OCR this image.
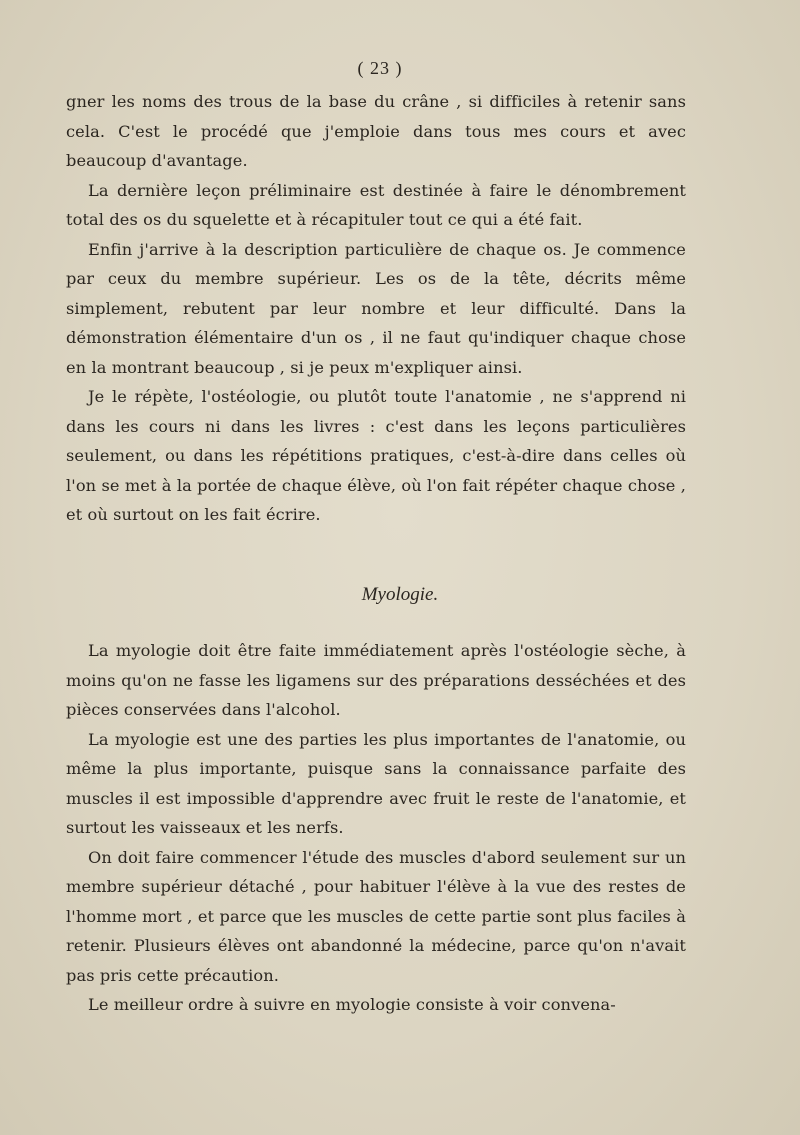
( 23 )

gner les noms des trous de la base du crâne , si difficiles à retenir sans cela. C'est le procédé que j'emploie dans tous mes cours et avec beaucoup d'avantage.

La dernière leçon préliminaire est destinée à faire le dénombrement total des os du squelette et à récapituler tout ce qui a été fait.

Enfin j'arrive à la description particulière de chaque os. Je commence par ceux du membre supérieur. Les os de la tête, décrits même simplement, rebutent par leur nombre et leur difficulté. Dans la démonstration élémentaire d'un os , il ne faut qu'indiquer chaque chose en la montrant beaucoup , si je peux m'expliquer ainsi.

Je le répète, l'ostéologie, ou plutôt toute l'anatomie , ne s'apprend ni dans les cours ni dans les livres : c'est dans les leçons particulières seulement, ou dans les répétitions pratiques, c'est-à-dire dans celles où l'on se met à la portée de chaque élève, où l'on fait répéter chaque chose , et où surtout on les fait écrire.

Myologie.

La myologie doit être faite immédiatement après l'ostéologie sèche, à moins qu'on ne fasse les ligamens sur des préparations desséchées et des pièces conservées dans l'alcohol.

La myologie est une des parties les plus importantes de l'anatomie, ou même la plus importante, puisque sans la connaissance parfaite des muscles il est impossible d'apprendre avec fruit le reste de l'anatomie, et surtout les vaisseaux et les nerfs.

On doit faire commencer l'étude des muscles d'abord seulement sur un membre supérieur détaché , pour habituer l'élève à la vue des restes de l'homme mort , et parce que les muscles de cette partie sont plus faciles à retenir. Plusieurs élèves ont abandonné la médecine, parce qu'on n'avait pas pris cette précaution.

Le meilleur ordre à suivre en myologie consiste à voir convena-
